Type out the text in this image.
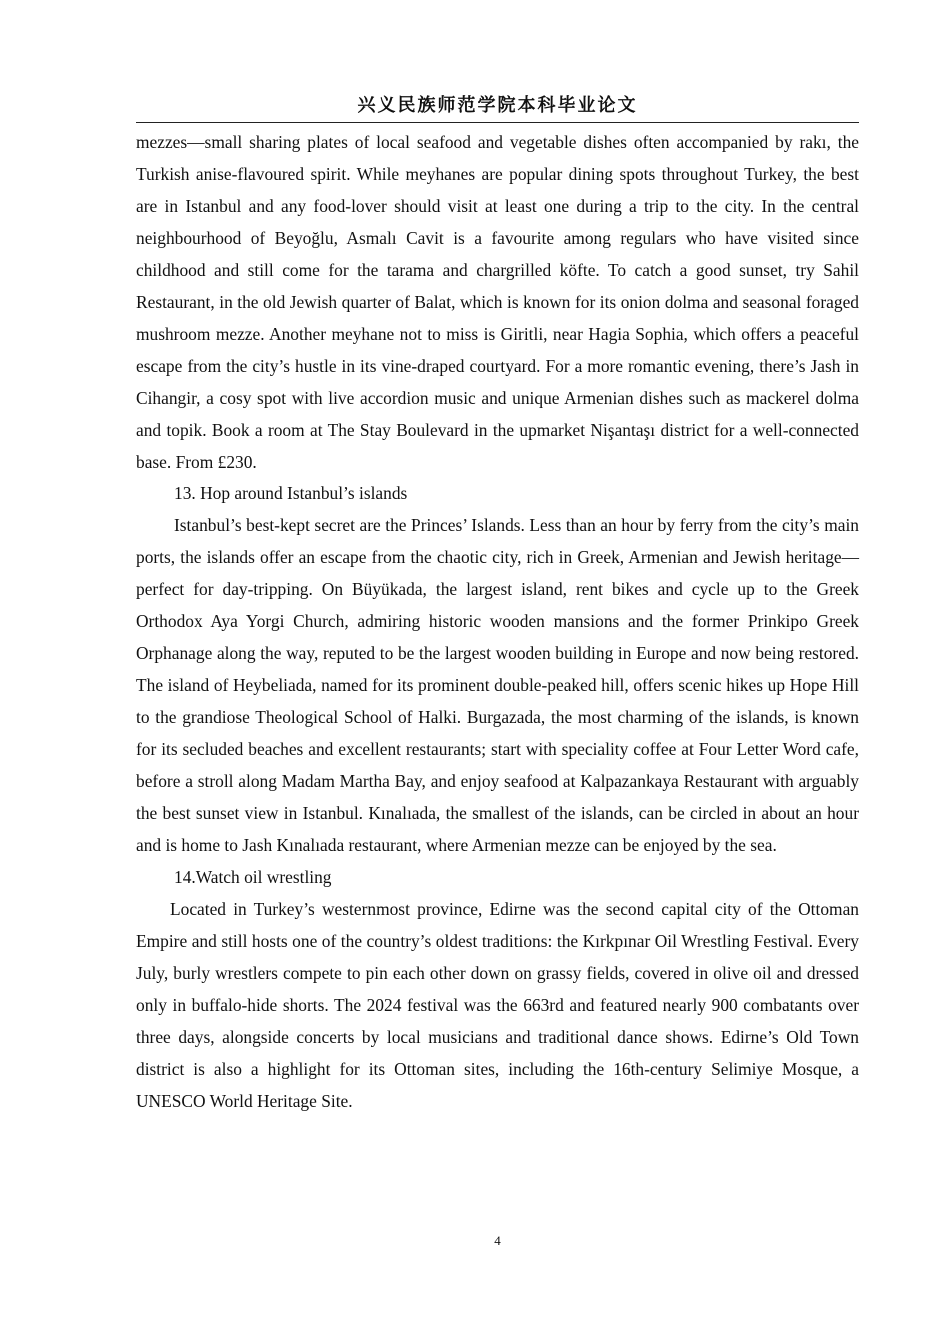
兴义民族师范学院本科毕业论文

mezzes—small sharing plates of local seafood and vegetable dishes often accompanied by rakı, the Turkish anise-flavoured spirit. While meyhanes are popular dining spots throughout Turkey, the best are in Istanbul and any food-lover should visit at least one during a trip to the city. In the central neighbourhood of Beyoğlu, Asmalı Cavit is a favourite among regulars who have visited since childhood and still come for the tarama and chargrilled köfte. To catch a good sunset, try Sahil Restaurant, in the old Jewish quarter of Balat, which is known for its onion dolma and seasonal foraged mushroom mezze. Another meyhane not to miss is Giritli, near Hagia Sophia, which offers a peaceful escape from the city’s hustle in its vine-draped courtyard. For a more romantic evening, there’s Jash in Cihangir, a cosy spot with live accordion music and unique Armenian dishes such as mackerel dolma and topik. Book a room at The Stay Boulevard in the upmarket Nişantaşı district for a well-connected base. From £230.

13. Hop around Istanbul’s islands

Istanbul’s best-kept secret are the Princes’ Islands. Less than an hour by ferry from the city’s main ports, the islands offer an escape from the chaotic city, rich in Greek, Armenian and Jewish heritage—perfect for day-tripping. On Büyükada, the largest island, rent bikes and cycle up to the Greek Orthodox Aya Yorgi Church, admiring historic wooden mansions and the former Prinkipo Greek Orphanage along the way, reputed to be the largest wooden building in Europe and now being restored. The island of Heybeliada, named for its prominent double-peaked hill, offers scenic hikes up Hope Hill to the grandiose Theological School of Halki. Burgazada, the most charming of the islands, is known for its secluded beaches and excellent restaurants; start with speciality coffee at Four Letter Word cafe, before a stroll along Madam Martha Bay, and enjoy seafood at Kalpazankaya Restaurant with arguably the best sunset view in Istanbul. Kınalıada, the smallest of the islands, can be circled in about an hour and is home to Jash Kınalıada restaurant, where Armenian mezze can be enjoyed by the sea.

14.Watch oil wrestling

Located in Turkey’s westernmost province, Edirne was the second capital city of the Ottoman Empire and still hosts one of the country’s oldest traditions: the Kırkpınar Oil Wrestling Festival. Every July, burly wrestlers compete to pin each other down on grassy fields, covered in olive oil and dressed only in buffalo-hide shorts. The 2024 festival was the 663rd and featured nearly 900 combatants over three days, alongside concerts by local musicians and traditional dance shows. Edirne’s Old Town district is also a highlight for its Ottoman sites, including the 16th-century Selimiye Mosque, a UNESCO World Heritage Site.

4
